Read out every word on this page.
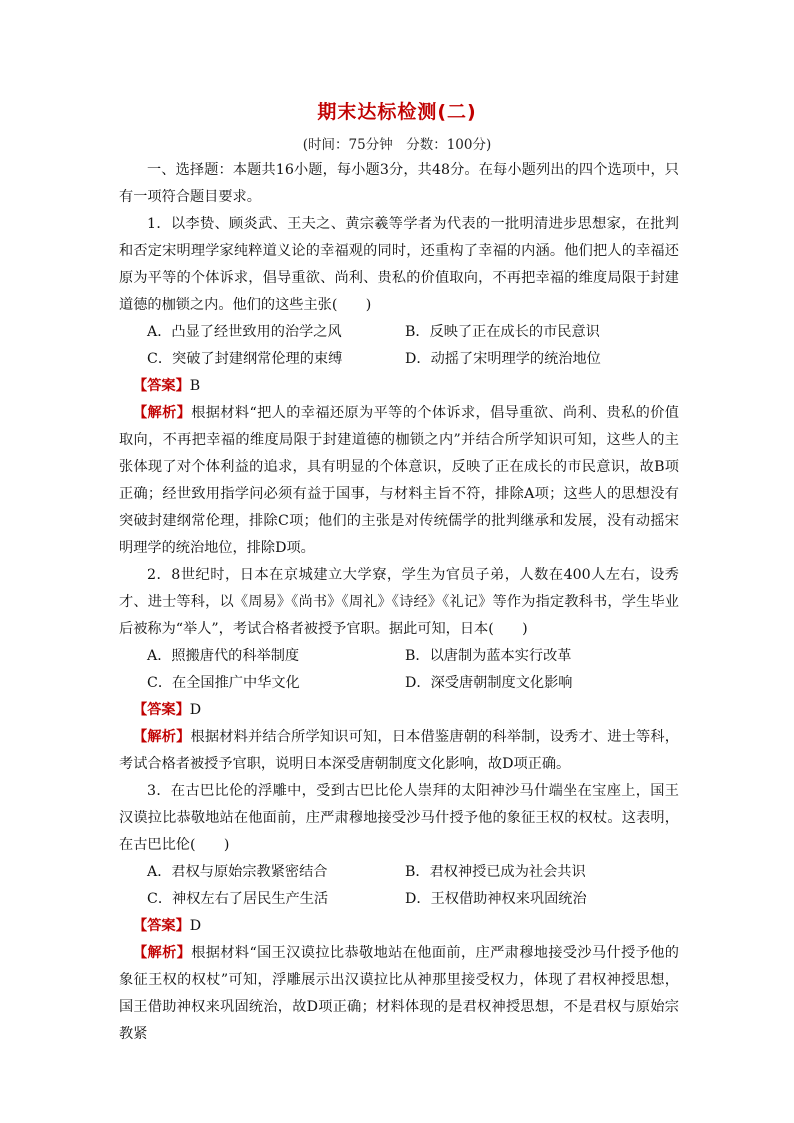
期末达标检测(二)
(时间：75分钟　分数：100分)

一、选择题：本题共16小题，每小题3分，共48分。在每小题列出的四个选项中，只有一项符合题目要求。

1．以李贽、顾炎武、王夫之、黄宗羲等学者为代表的一批明清进步思想家，在批判和否定宋明理学家纯粹道义论的幸福观的同时，还重构了幸福的内涵。他们把人的幸福还原为平等的个体诉求，倡导重欲、尚利、贵私的价值取向，不再把幸福的维度局限于封建道德的枷锁之内。他们的这些主张(　　)

A．凸显了经世致用的治学之风	B．反映了正在成长的市民意识
C．突破了封建纲常伦理的束缚	D．动摇了宋明理学的统治地位

【答案】B

【解析】根据材料“把人的幸福还原为平等的个体诉求，倡导重欲、尚利、贵私的价值取向，不再把幸福的维度局限于封建道德的枷锁之内”并结合所学知识可知，这些人的主张体现了对个体利益的追求，具有明显的个体意识，反映了正在成长的市民意识，故B项正确；经世致用指学问必须有益于国事，与材料主旨不符，排除A项；这些人的思想没有突破封建纲常伦理，排除C项；他们的主张是对传统儒学的批判继承和发展，没有动摇宋明理学的统治地位，排除D项。

2．8世纪时，日本在京城建立大学寮，学生为官员子弟，人数在400人左右，设秀才、进士等科，以《周易》《尚书》《周礼》《诗经》《礼记》等作为指定教科书，学生毕业后被称为“举人”，考试合格者被授予官职。据此可知，日本(　　)

A．照搬唐代的科举制度	B．以唐制为蓝本实行改革
C．在全国推广中华文化	D．深受唐朝制度文化影响

【答案】D

【解析】根据材料并结合所学知识可知，日本借鉴唐朝的科举制，设秀才、进士等科，考试合格者被授予官职，说明日本深受唐朝制度文化影响，故D项正确。

3．在古巴比伦的浮雕中，受到古巴比伦人崇拜的太阳神沙马什端坐在宝座上，国王汉谟拉比恭敬地站在他面前，庄严肃穆地接受沙马什授予他的象征王权的权杖。这表明，在古巴比伦(　　)

A．君权与原始宗教紧密结合	B．君权神授已成为社会共识
C．神权左右了居民生产生活	D．王权借助神权来巩固统治

【答案】D

【解析】根据材料“国王汉谟拉比恭敬地站在他面前，庄严肃穆地接受沙马什授予他的象征王权的权杖”可知，浮雕展示出汉谟拉比从神那里接受权力，体现了君权神授思想，国王借助神权来巩固统治，故D项正确；材料体现的是君权神授思想，不是君权与原始宗教紧
